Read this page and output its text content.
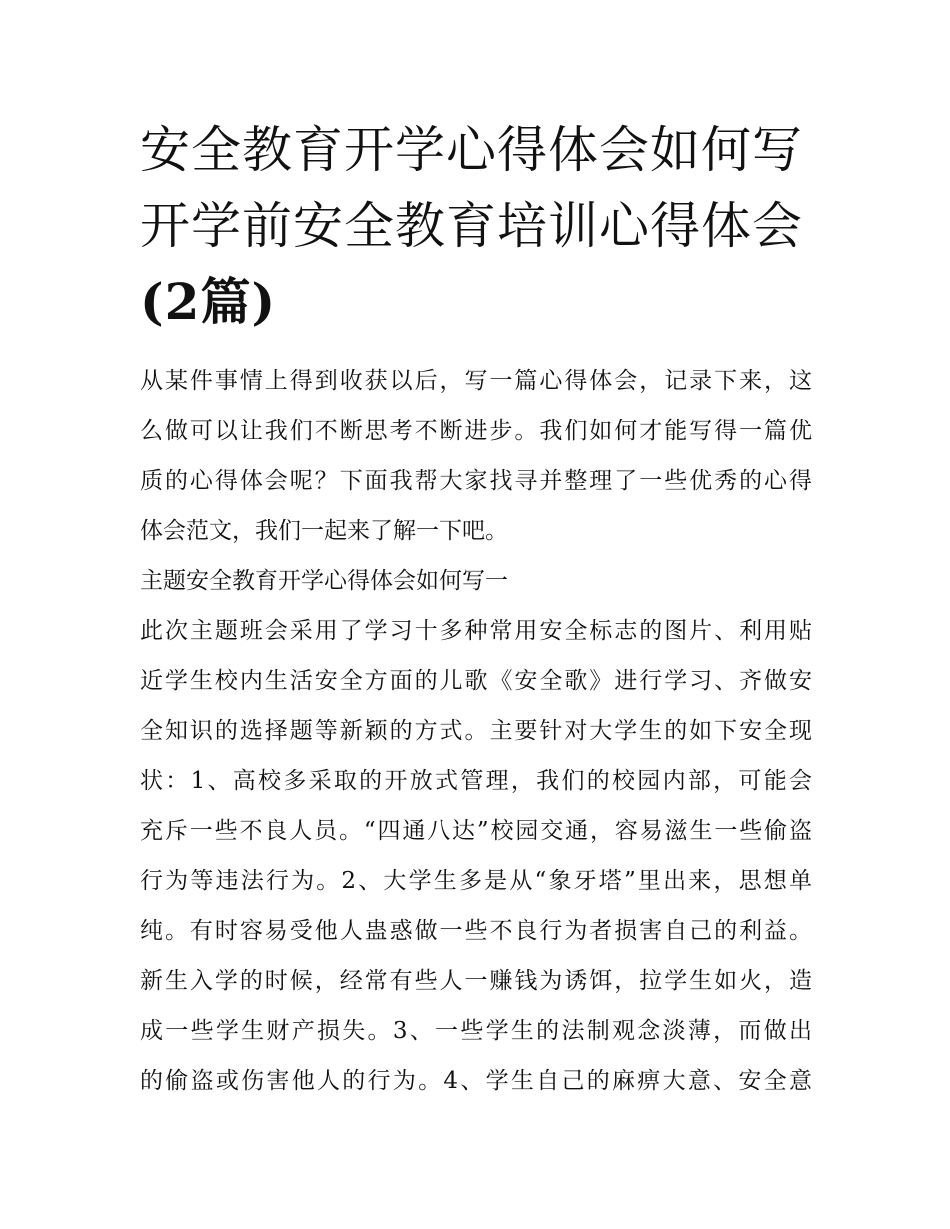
安全教育开学心得体会如何写
开学前安全教育培训心得体会
(2篇)
从某件事情上得到收获以后，写一篇心得体会，记录下来，这
么做可以让我们不断思考不断进步。我们如何才能写得一篇优
质的心得体会呢？下面我帮大家找寻并整理了一些优秀的心得
体会范文，我们一起来了解一下吧。
主题安全教育开学心得体会如何写一
此次主题班会采用了学习十多种常用安全标志的图片、利用贴
近学生校内生活安全方面的儿歌《安全歌》进行学习、齐做安
全知识的选择题等新颖的方式。主要针对大学生的如下安全现
状：1、高校多采取的开放式管理，我们的校园内部，可能会
充斥一些不良人员。“四通八达”校园交通，容易滋生一些偷盗
行为等违法行为。2、大学生多是从“象牙塔”里出来，思想单
纯。有时容易受他人蛊惑做一些不良行为者损害自己的利益。
新生入学的时候，经常有些人一赚钱为诱饵，拉学生如火，造
成一些学生财产损失。3、一些学生的法制观念淡薄，而做出
的偷盗或伤害他人的行为。4、学生自己的麻痹大意、安全意
